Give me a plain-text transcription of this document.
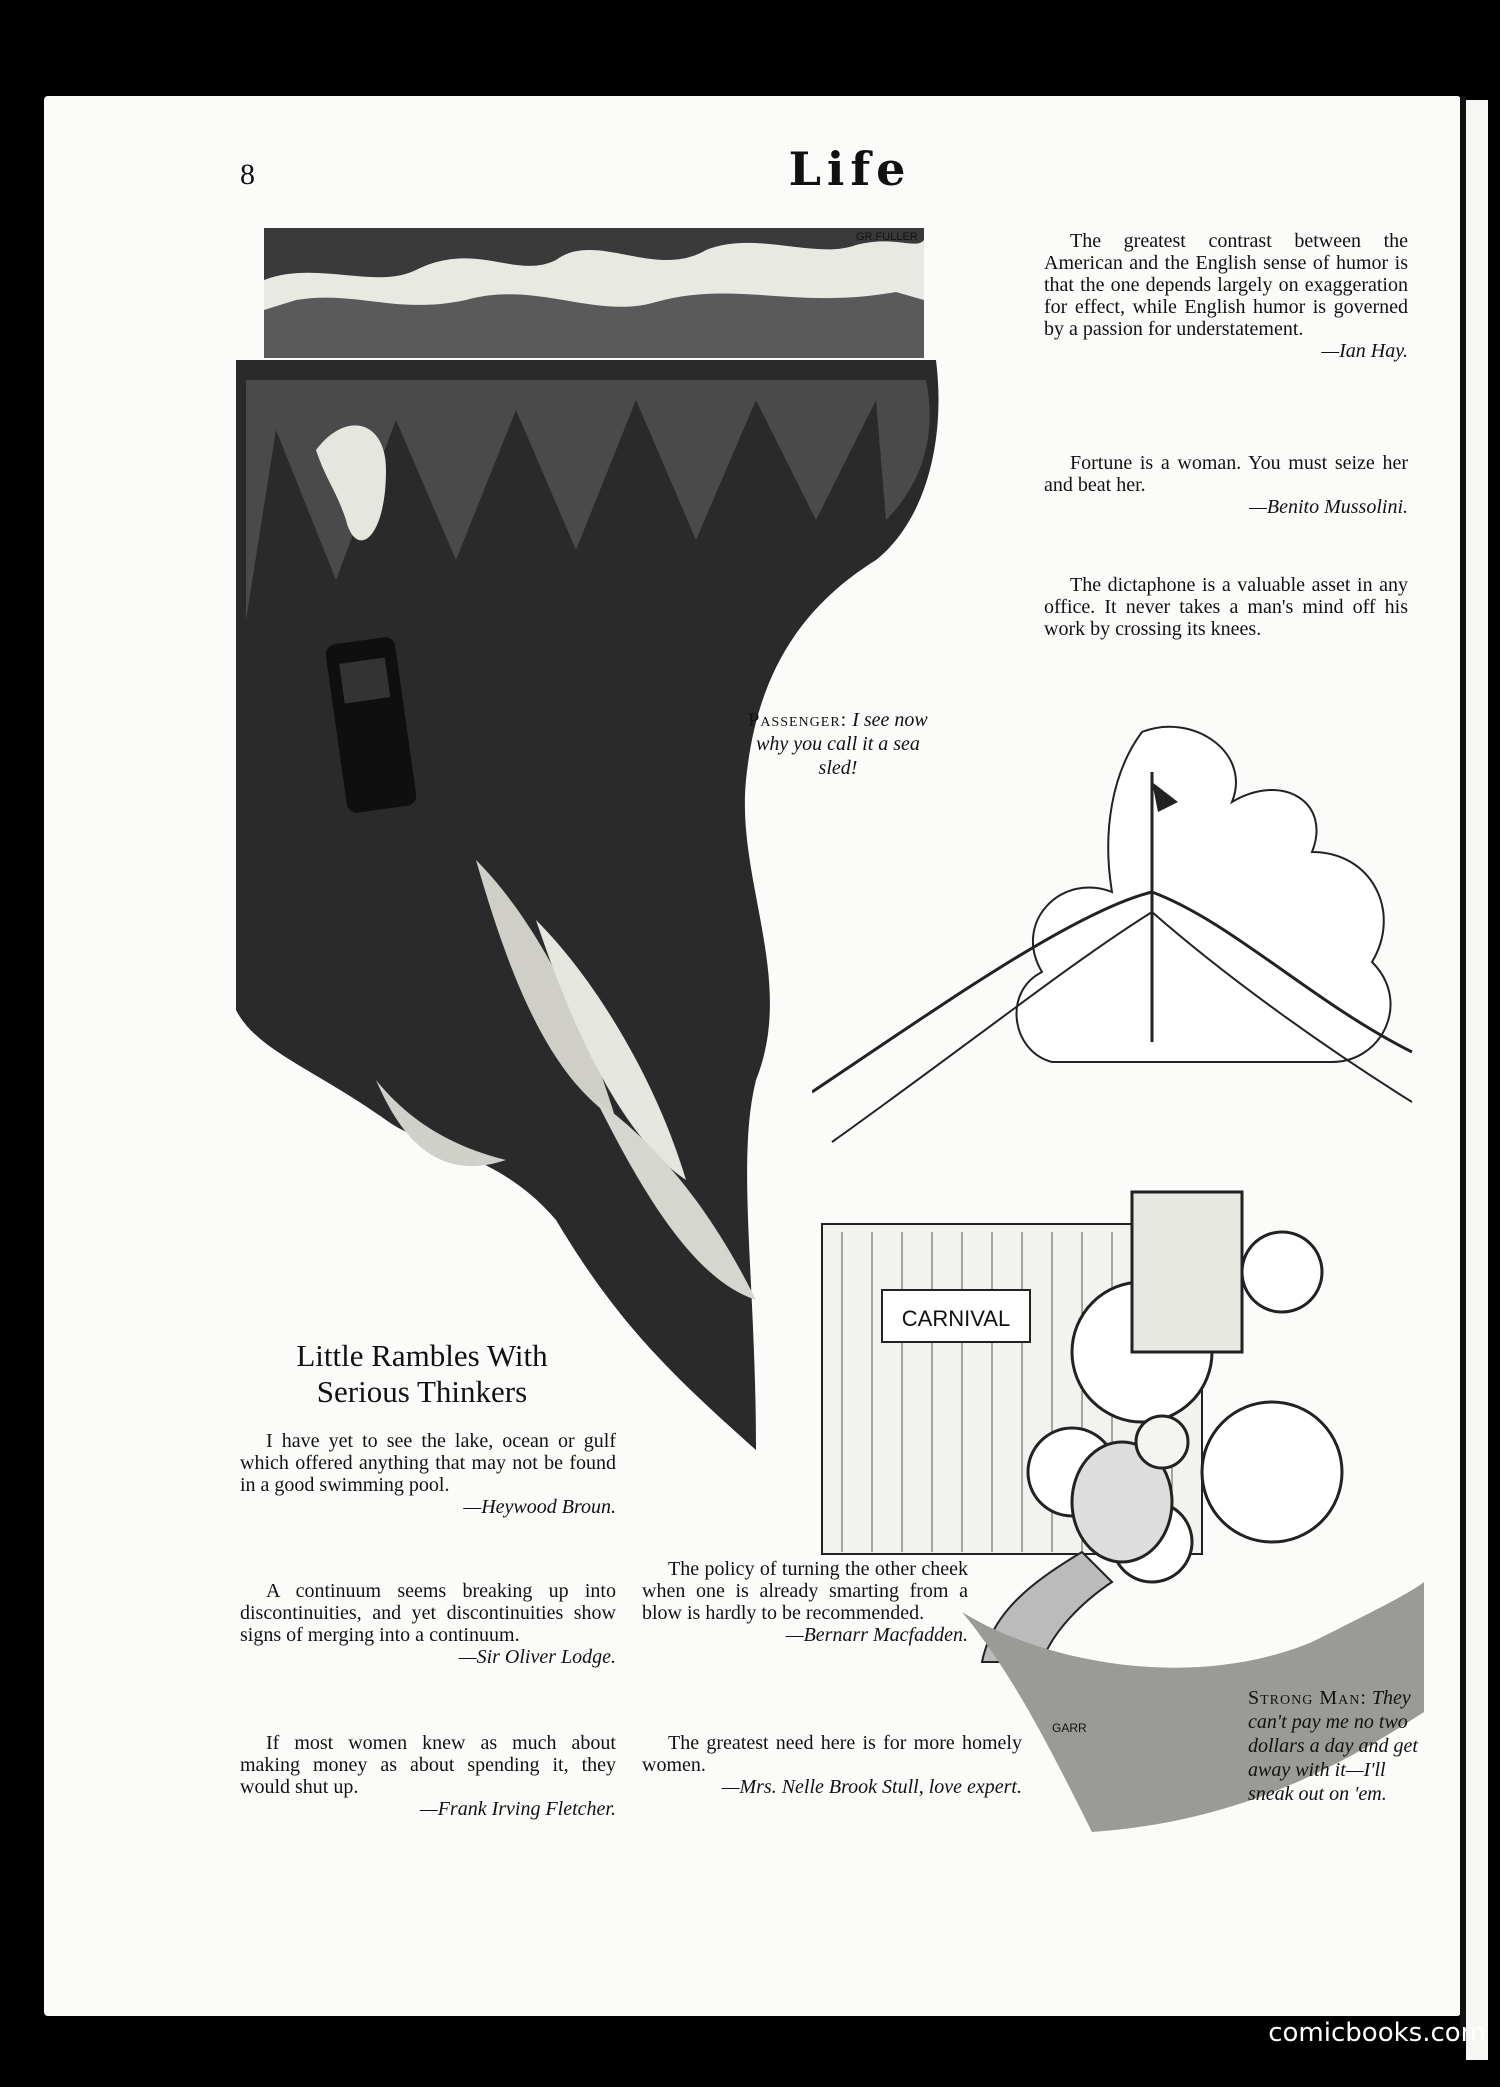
8	Life
GR.FULLER
Passenger: I see now why you call it a sea sled!

The greatest contrast between the American and the English sense of humor is that the one depends largely on exaggeration for effect, while English humor is governed by a passion for understatement.

—Ian Hay.

Fortune is a woman. You must seize her and beat her.

—Benito Mussolini.

The dictaphone is a valuable asset in any office. It never takes a man's mind off his work by crossing its knees.

CARNIVAL
GARR
Strong Man: They can't pay me no two dollars a day and get away with it—I'll sneak out on 'em.
Little Rambles With
Serious Thinkers

I have yet to see the lake, ocean or gulf which offered anything that may not be found in a good swimming pool.

—Heywood Broun.

A continuum seems breaking up into discontinuities, and yet discontinuities show signs of merging into a continuum.

—Sir Oliver Lodge.

If most women knew as much about making money as about spending it, they would shut up.

—Frank Irving Fletcher.

The policy of turning the other cheek when one is already smarting from a blow is hardly to be recommended.

—Bernarr Macfadden.

The greatest need here is for more homely women.

—Mrs. Nelle Brook Stull, love expert.

comicbooks.com
